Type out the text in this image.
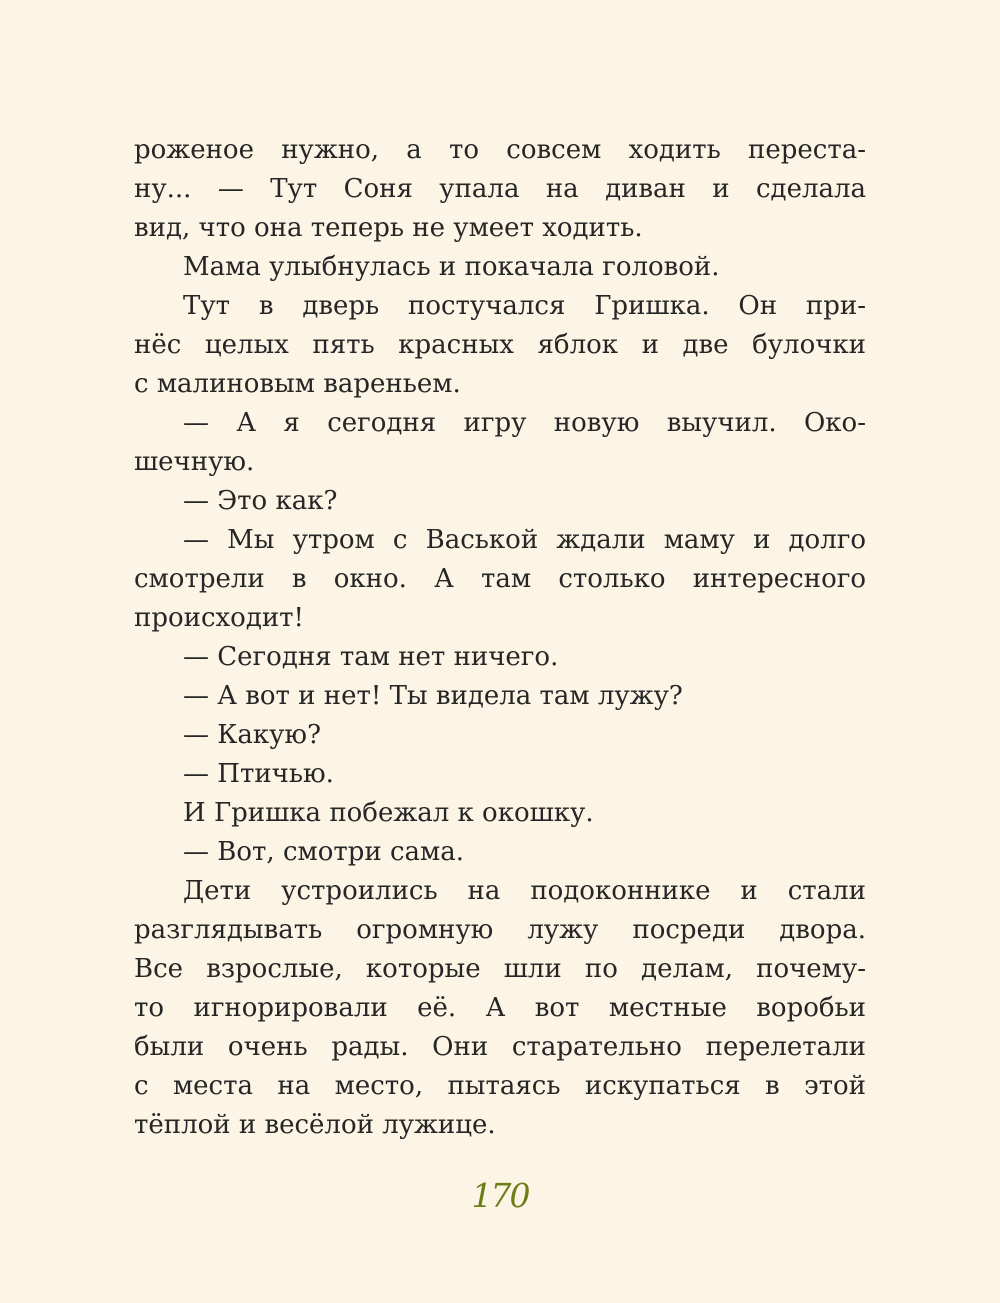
роженое нужно, а то совсем ходить переста-
ну... — Тут Соня упала на диван и сделала
вид, что она теперь не умеет ходить.
Мама улыбнулась и покачала головой.
Тут в дверь постучался Гришка. Он при-
нёс целых пять красных яблок и две булочки
с малиновым вареньем.
— А я сегодня игру новую выучил. Око-
шечную.
— Это как?
— Мы утром с Васькой ждали маму и долго
смотрели в окно. А там столько интересного
происходит!
— Сегодня там нет ничего.
— А вот и нет! Ты видела там лужу?
— Какую?
— Птичью.
И Гришка побежал к окошку.
— Вот, смотри сама.
Дети устроились на подоконнике и стали
разглядывать огромную лужу посреди двора.
Все взрослые, которые шли по делам, почему-
то игнорировали её. А вот местные воробьи
были очень рады. Они старательно перелетали
с места на место, пытаясь искупаться в этой
тёплой и весёлой лужице.
170
